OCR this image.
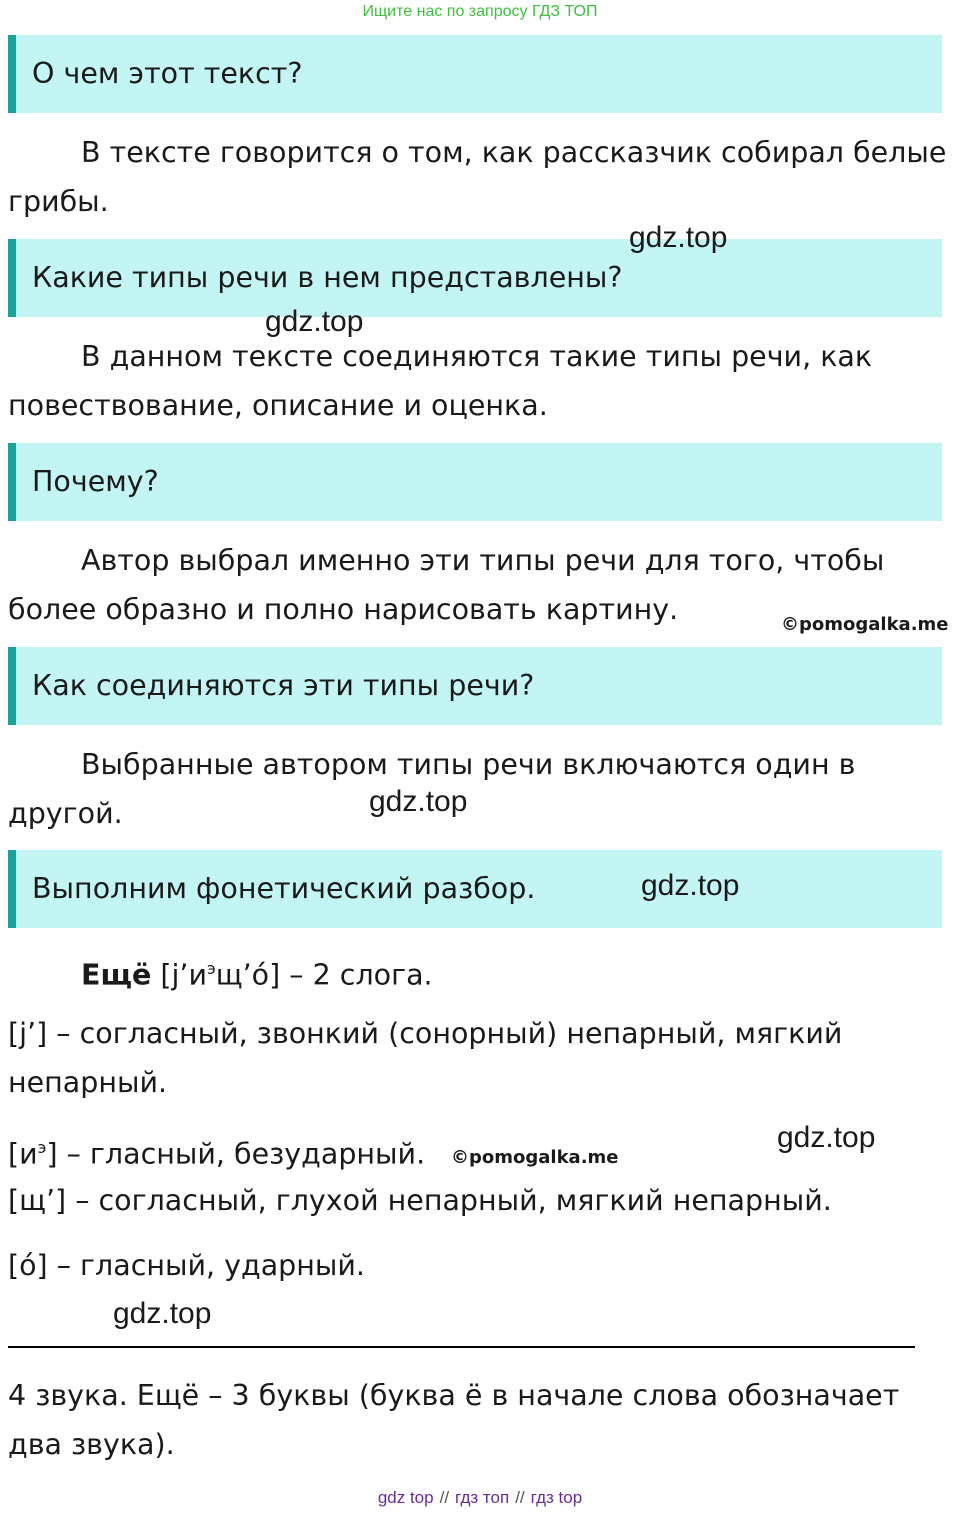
Ищите нас по запросу ГДЗ ТОП
О чем этот текст?

В тексте говорится о том, как рассказчик собирал белые грибы.

Какие типы речи в нем представлены?

В данном тексте соединяются такие типы речи, как повествование, описание и оценка.

Почему?

Автор выбрал именно эти типы речи для того, чтобы более образно и полно нарисовать картину.

Как соединяются эти типы речи?

Выбранные автором типы речи включаются один в другой.

Выполним фонетический разбор.

Ещё $[j’и^эщ’ó] - 2$ слога.

[j’] – согласный, звонкий (сонорный) непарный, мягкий непарный.

$[и^э]$ – гласный, безударный.

[щ’] – согласный, глухой непарный, мягкий непарный.

[ó] – гласный, ударный.

4 звука. Ещё – 3 буквы (буква ё в начале слова обозначает два звука).

gdz.top
gdz.top
gdz.top
gdz.top
gdz.top
gdz.top
©pomogalka.me
©pomogalka.me
gdz top // гдз топ // гдз top
